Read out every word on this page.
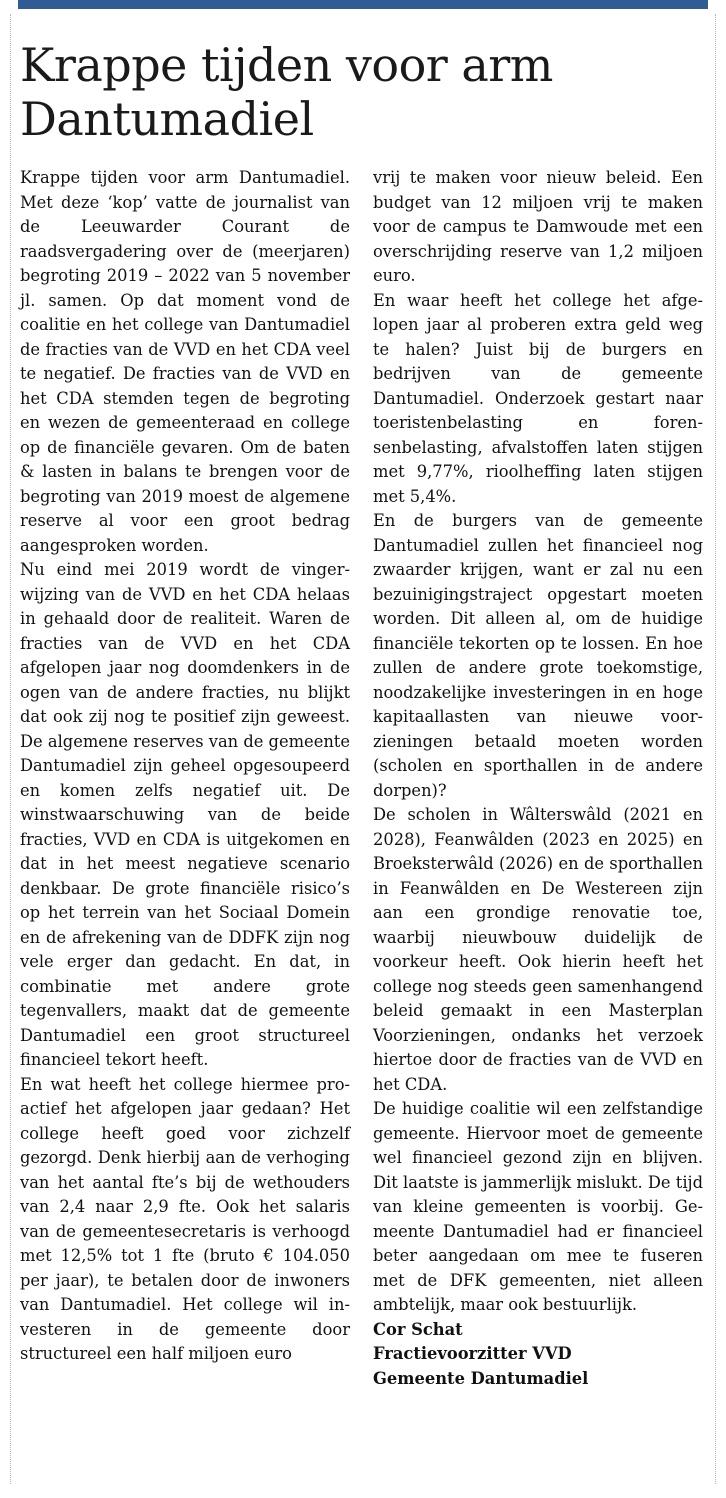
Krappe tijden voor arm
Dantumadiel

Krappe tijden voor arm Dantumadiel. Met deze ‘kop’ vatte de journalist van de Leeuwarder Courant de raadsvergadering over de (meerjaren) begroting 2019 – 2022 van 5 november jl. samen. Op dat moment vond de coalitie en het college van Dantumadiel de fracties van de VVD en het CDA veel te negatief. De fracties van de VVD en het CDA stemden tegen de begroting en wezen de gemeenteraad en college op de financiële gevaren. Om de baten & lasten in balans te brengen voor de begroting van 2019 moest de algemene reserve al voor een groot bedrag aangesproken worden.

Nu eind mei 2019 wordt de vingerwijzing van de VVD en het CDA helaas in gehaald door de realiteit. Waren de fracties van de VVD en het CDA afgelopen jaar nog doomdenkers in de ogen van de andere fracties, nu blijkt dat ook zij nog te positief zijn geweest. De algemene reserves van de gemeente Dantumadiel zijn geheel opgesoupeerd en komen zelfs negatief uit. De winstwaarschuwing van de beide fracties, VVD en CDA is uitgekomen en dat in het meest negatieve scenario denkbaar. De grote financiële risico’s op het terrein van het Sociaal Domein en de afrekening van de DDFK zijn nog vele erger dan gedacht. En dat, in combinatie met andere grote tegenvallers, maakt dat de gemeente Dantumadiel een groot structureel financieel tekort heeft.

En wat heeft het college hiermee pro-actief het afgelopen jaar gedaan? Het college heeft goed voor zichzelf gezorgd. Denk hierbij aan de verhoging van het aantal fte’s bij de wethouders van 2,4 naar 2,9 fte. Ook het salaris van de gemeentesecretaris is verhoogd met 12,5% tot 1 fte (bruto € 104.050 per jaar), te betalen door de inwoners van Dantumadiel. Het college wil investeren in de gemeente door structureel een half miljoen euro

vrij te maken voor nieuw beleid. Een budget van 12 miljoen vrij te maken voor de campus te Damwoude met een overschrijding reserve van 1,2 miljoen euro.

En waar heeft het college het afgelopen jaar al proberen extra geld weg te halen? Juist bij de burgers en bedrijven van de gemeente Dantumadiel. Onderzoek gestart naar toeristenbelasting en forensenbelasting, afvalstoffen laten stijgen met 9,77%, rioolheffing laten stijgen met 5,4%.

En de burgers van de gemeente Dantumadiel zullen het financieel nog zwaarder krijgen, want er zal nu een bezuinigingstraject opgestart moeten worden. Dit alleen al, om de huidige financiële tekorten op te lossen. En hoe zullen de andere grote toekomstige, noodzakelijke investeringen in en hoge kapitaallasten van nieuwe voorzieningen betaald moeten worden (scholen en sporthallen in de andere dorpen)?

De scholen in Wâlterswâld (2021 en 2028), Feanwâlden (2023 en 2025) en Broeksterwâld (2026) en de sporthallen in Feanwâlden en De Westereen zijn aan een grondige renovatie toe, waarbij nieuwbouw duidelijk de voorkeur heeft. Ook hierin heeft het college nog steeds geen samenhangend beleid gemaakt in een Masterplan Voorzieningen, ondanks het verzoek hiertoe door de fracties van de VVD en het CDA.

De huidige coalitie wil een zelfstandige gemeente. Hiervoor moet de gemeente wel financieel gezond zijn en blijven. Dit laatste is jammerlijk mislukt. De tijd van kleine gemeenten is voorbij. Gemeente Dantumadiel had er financieel beter aangedaan om mee te fuseren met de DFK gemeenten, niet alleen ambtelijk, maar ook bestuurlijk.

Cor Schat
Fractievoorzitter VVD
Gemeente Dantumadiel
